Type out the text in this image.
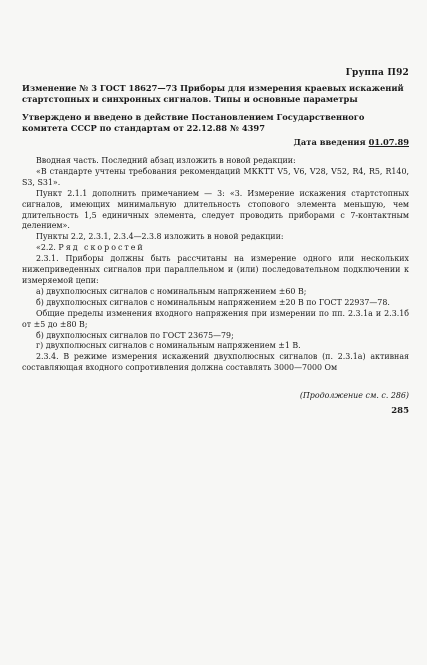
Группа П92
Изменение № 3 ГОСТ 18627—73 Приборы для измерения краевых искажений стартстопных и синхронных сигналов. Типы и основные параметры
Утверждено и введено в действие Постановлением Государственного комитета СССР по стандартам от 22.12.88 № 4397
Дата введения 01.07.89

Вводная часть. Последний абзац изложить в новой редакции:

«В стандарте учтены требования рекомендаций МККТТ V5, V6, V28, V52, R4, R5, R140, S3, S31».

Пункт 2.1.1 дополнить примечанием — 3: «3. Измерение искажения стартстопных сигналов, имеющих минимальную длительность стопового элемента меньшую, чем длительность 1,5 единичных элемента, следует проводить приборами с 7-контактным делением».

Пункты 2.2, 2.3.1, 2.3.4—2.3.8 изложить в новой редакции:

«2.2. Ряд скоростей

2.3.1. Приборы должны быть рассчитаны на измерение одного или нескольких нижеприведенных сигналов при параллельном и (или) последовательном подключении к измеряемой цепи:

а) двухполюсных сигналов с номинальным напряжением ±60 В;

б) двухполюсных сигналов с номинальным напряжением ±20 В по ГОСТ 22937—78.

Общие пределы изменения входного напряжения при измерении по пп. 2.3.1а и 2.3.1б от ±5 до ±80 В;

б) двухполюсных сигналов по ГОСТ 23675—79;

г) двухполюсных сигналов с номинальным напряжением ±1 В.

2.3.4. В режиме измерения искажений двухполюсных сигналов (п. 2.3.1а) активная составляющая входного сопротивления должна составлять 3000—7000 Ом

(Продолжение см. с. 286)
285
